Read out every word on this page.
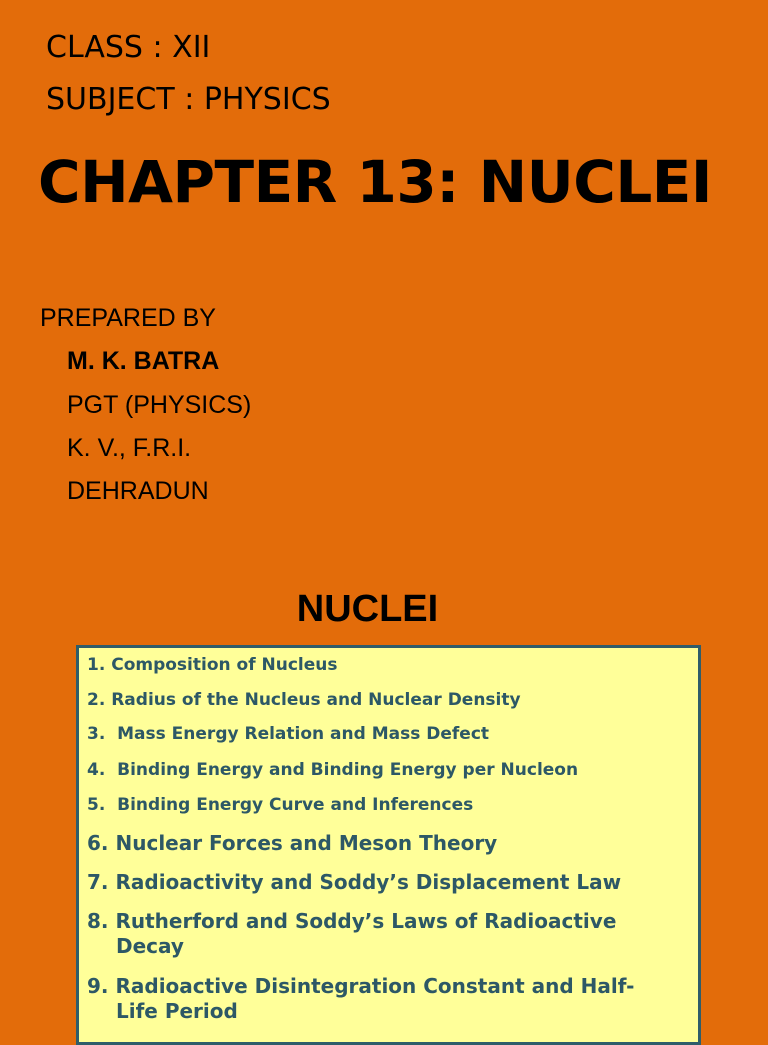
CLASS : XII

SUBJECT : PHYSICS

CHAPTER 13: NUCLEI

PREPARED BY

M. K. BATRA

PGT (PHYSICS)

K. V., F.R.I.

DEHRADUN

NUCLEI
1. Composition of Nucleus
2. Radius of the Nucleus and Nuclear Density
3. Mass Energy Relation and Mass Defect
4. Binding Energy and Binding Energy per Nucleon
5. Binding Energy Curve and Inferences
6. Nuclear Forces and Meson Theory
7. Radioactivity and Soddy’s Displacement Law
8. Rutherford and Soddy’s Laws of Radioactive
Decay
9. Radioactive Disintegration Constant and Half-
Life Period
